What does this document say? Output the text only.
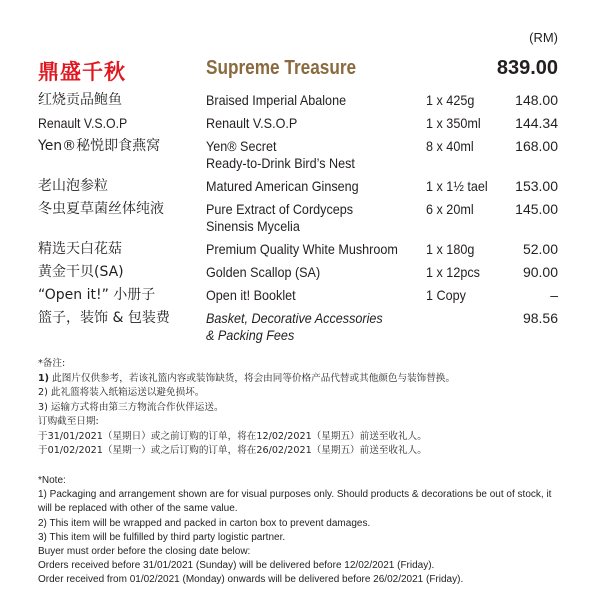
(RM)
鼎盛千秋	Supreme Treasure	839.00
红烧贡品鲍鱼	Braised Imperial Abalone	1 x 425g	148.00
Renault V.S.O.P	Renault V.S.O.P	1 x 350ml 144.34
Yen®秘悦即食燕窝	Yen® Secret
Ready-to-Drink Bird’s Nest
8 x 40ml	168.00
老山泡参粒	Matured American Ginseng	1 x 1½ tael 153.00
冬虫夏草菌丝体纯液	Pure Extract of Cordyceps
Sinensis Mycelia
6 x 20ml	145.00
精选天白花菇	Premium Quality White Mushroom	1 x 180g	52.00
黄金干贝(SA)	Golden Scallop (SA)	1 x 12pcs	90.00
“Open it!” 小册子	Open it! Booklet	1 Copy	–
篮子，装饰 & 包装费	Basket, Decorative Accessories
& Packing Fees
98.56

*备注:

1) 此图片仅供参考，若该礼篮内容或装饰缺货，将会由同等价格产品代替或其他颜色与装饰替换。

2) 此礼篮将装入纸箱运送以避免损坏。

3) 运输方式将由第三方物流合作伙伴运送。

订购截至日期:

于31/01/2021（星期日）或之前订购的订单，将在12/02/2021（星期五）前送至收礼人。

于01/02/2021（星期一）或之后订购的订单，将在26/02/2021（星期五）前送至收礼人。

*Note:

1) Packaging and arrangement shown are for visual purposes only. Should products & decorations be out of stock, it

will be replaced with other of the same value.

2) This item will be wrapped and packed in carton box to prevent damages.

3) This item will be fulfilled by third party logistic partner.

Buyer must order before the closing date below:

Orders received before 31/01/2021 (Sunday) will be delivered before 12/02/2021 (Friday).

Order received from 01/02/2021 (Monday) onwards will be delivered before 26/02/2021 (Friday).
